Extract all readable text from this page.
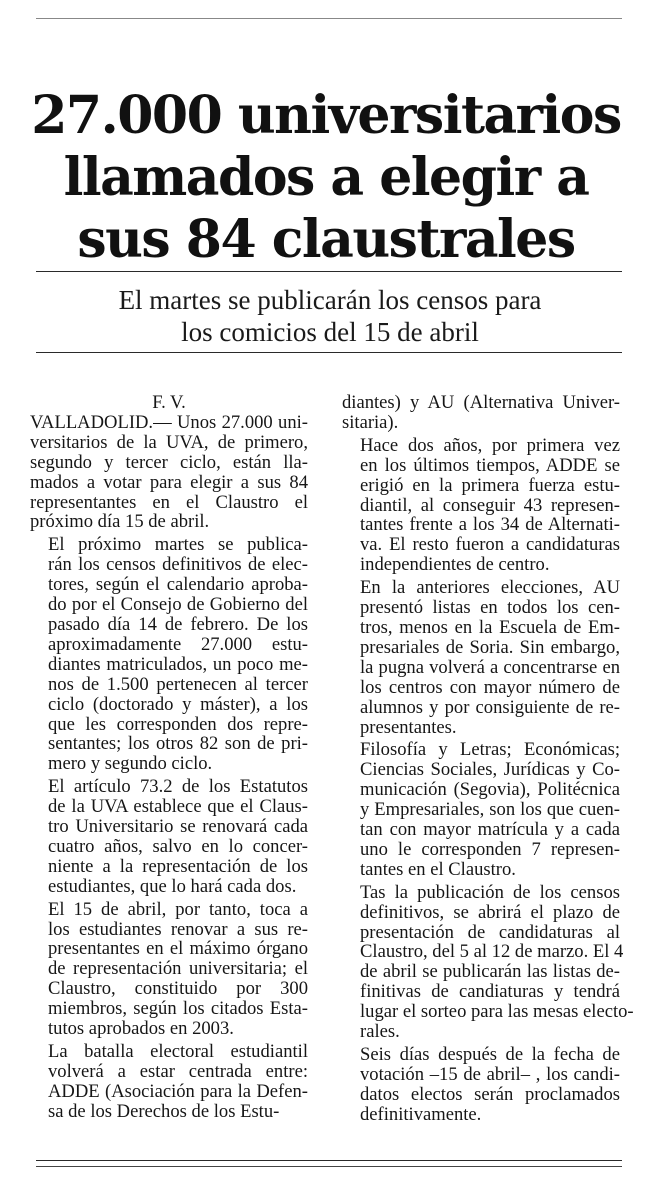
27.000 universitarios
llamados a elegir a
sus 84 claustrales
El martes se publicarán los censos para
los comicios del 15 de abril
F. V.

VALLADOLID.— Unos 27.000 uni-
versitarios de la UVA, de primero,
segundo y tercer ciclo, están lla-
mados a votar para elegir a sus 84
representantes en el Claustro el
próximo día 15 de abril.

El próximo martes se publica-
rán los censos definitivos de elec-
tores, según el calendario aproba-
do por el Consejo de Gobierno del
pasado día 14 de febrero. De los
aproximadamente 27.000 estu-
diantes matriculados, un poco me-
nos de 1.500 pertenecen al tercer
ciclo (doctorado y máster), a los
que les corresponden dos repre-
sentantes; los otros 82 son de pri-
mero y segundo ciclo.

El artículo 73.2 de los Estatutos
de la UVA establece que el Claus-
tro Universitario se renovará cada
cuatro años, salvo en lo concer-
niente a la representación de los
estudiantes, que lo hará cada dos.

El 15 de abril, por tanto, toca a
los estudiantes renovar a sus re-
presentantes en el máximo órgano
de representación universitaria; el
Claustro, constituido por 300
miembros, según los citados Esta-
tutos aprobados en 2003.

La batalla electoral estudiantil
volverá a estar centrada entre:
ADDE (Asociación para la Defen-
sa de los Derechos de los Estu-

diantes) y AU (Alternativa Univer-
sitaria).

Hace dos años, por primera vez
en los últimos tiempos, ADDE se
erigió en la primera fuerza estu-
diantil, al conseguir 43 represen-
tantes frente a los 34 de Alternati-
va. El resto fueron a candidaturas
independientes de centro.

En la anteriores elecciones, AU
presentó listas en todos los cen-
tros, menos en la Escuela de Em-
presariales de Soria. Sin embargo,
la pugna volverá a concentrarse en
los centros con mayor número de
alumnos y por consiguiente de re-
presentantes.

Filosofía y Letras; Económicas;
Ciencias Sociales, Jurídicas y Co-
municación (Segovia), Politécnica
y Empresariales, son los que cuen-
tan con mayor matrícula y a cada
uno le corresponden 7 represen-
tantes en el Claustro.

Tas la publicación de los censos
definitivos, se abrirá el plazo de
presentación de candidaturas al
Claustro, del 5 al 12 de marzo. El 4
de abril se publicarán las listas de-
finitivas de candiaturas y tendrá
lugar el sorteo para las mesas electo-
rales.

Seis días después de la fecha de
votación –15 de abril– , los candi-
datos electos serán proclamados
definitivamente.
